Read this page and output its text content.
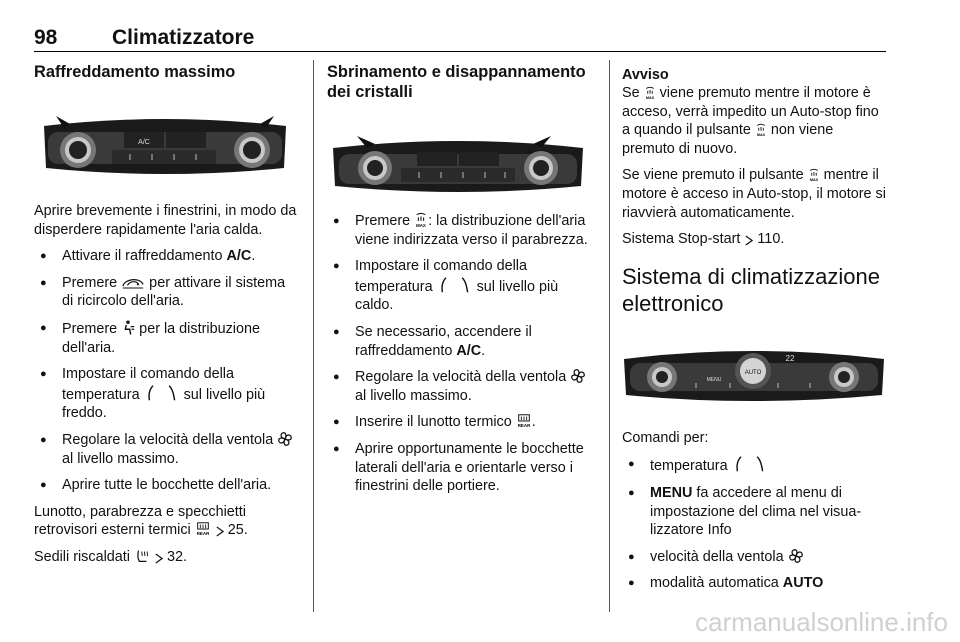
98	Climatizzatore
Raffreddamento massimo
A/C

Aprire brevemente i finestrini, in modo da disperdere rapidamente l'aria calda.

● Attivare il raffreddamento A/C.
● Premere  per attivare il sistema di ricircolo dell'aria.
● Premere  per la distribuzione dell'aria.
● Impostare il comando della temperatura	sul livello più freddo.
● Regolare la velocità della ventola  al livello massimo.
● Aprire tutte le bocchette dell'aria.

Lunotto, parabrezza e specchietti retrovisori esterni termici   25.

Sedili riscaldati   32.

Sbrinamento e disappannamento dei cristalli
● Premere : la distribuzione dell'aria viene indirizzata verso il parabrezza.
● Impostare il comando della temperatura	sul livello più caldo.
● Se necessario, accendere il raffreddamento A/C.
● Regolare la velocità della ventola  al livello massimo.
● Inserire il lunotto termico .
● Aprire opportunamente le bocchette laterali dell'aria e orientarle verso i finestrini delle portiere.
Avviso

Se  viene premuto mentre il motore è acceso, verrà impedito un Auto-stop fino a quando il pulsante  non viene premuto di nuovo.

Se viene premuto il pulsante  mentre il motore è acceso in Auto-stop, il motore si riavvierà automaticamente.

Sistema Stop-start  110.

Sistema di climatizzazione elettronico
AUTO
22
MENU

Comandi per:

● temperatura
● MENU fa accedere al menu di impostazione del clima nel visualizzatore Info
● velocità della ventola
● modalità automatica AUTO
carmanualsonline.info
